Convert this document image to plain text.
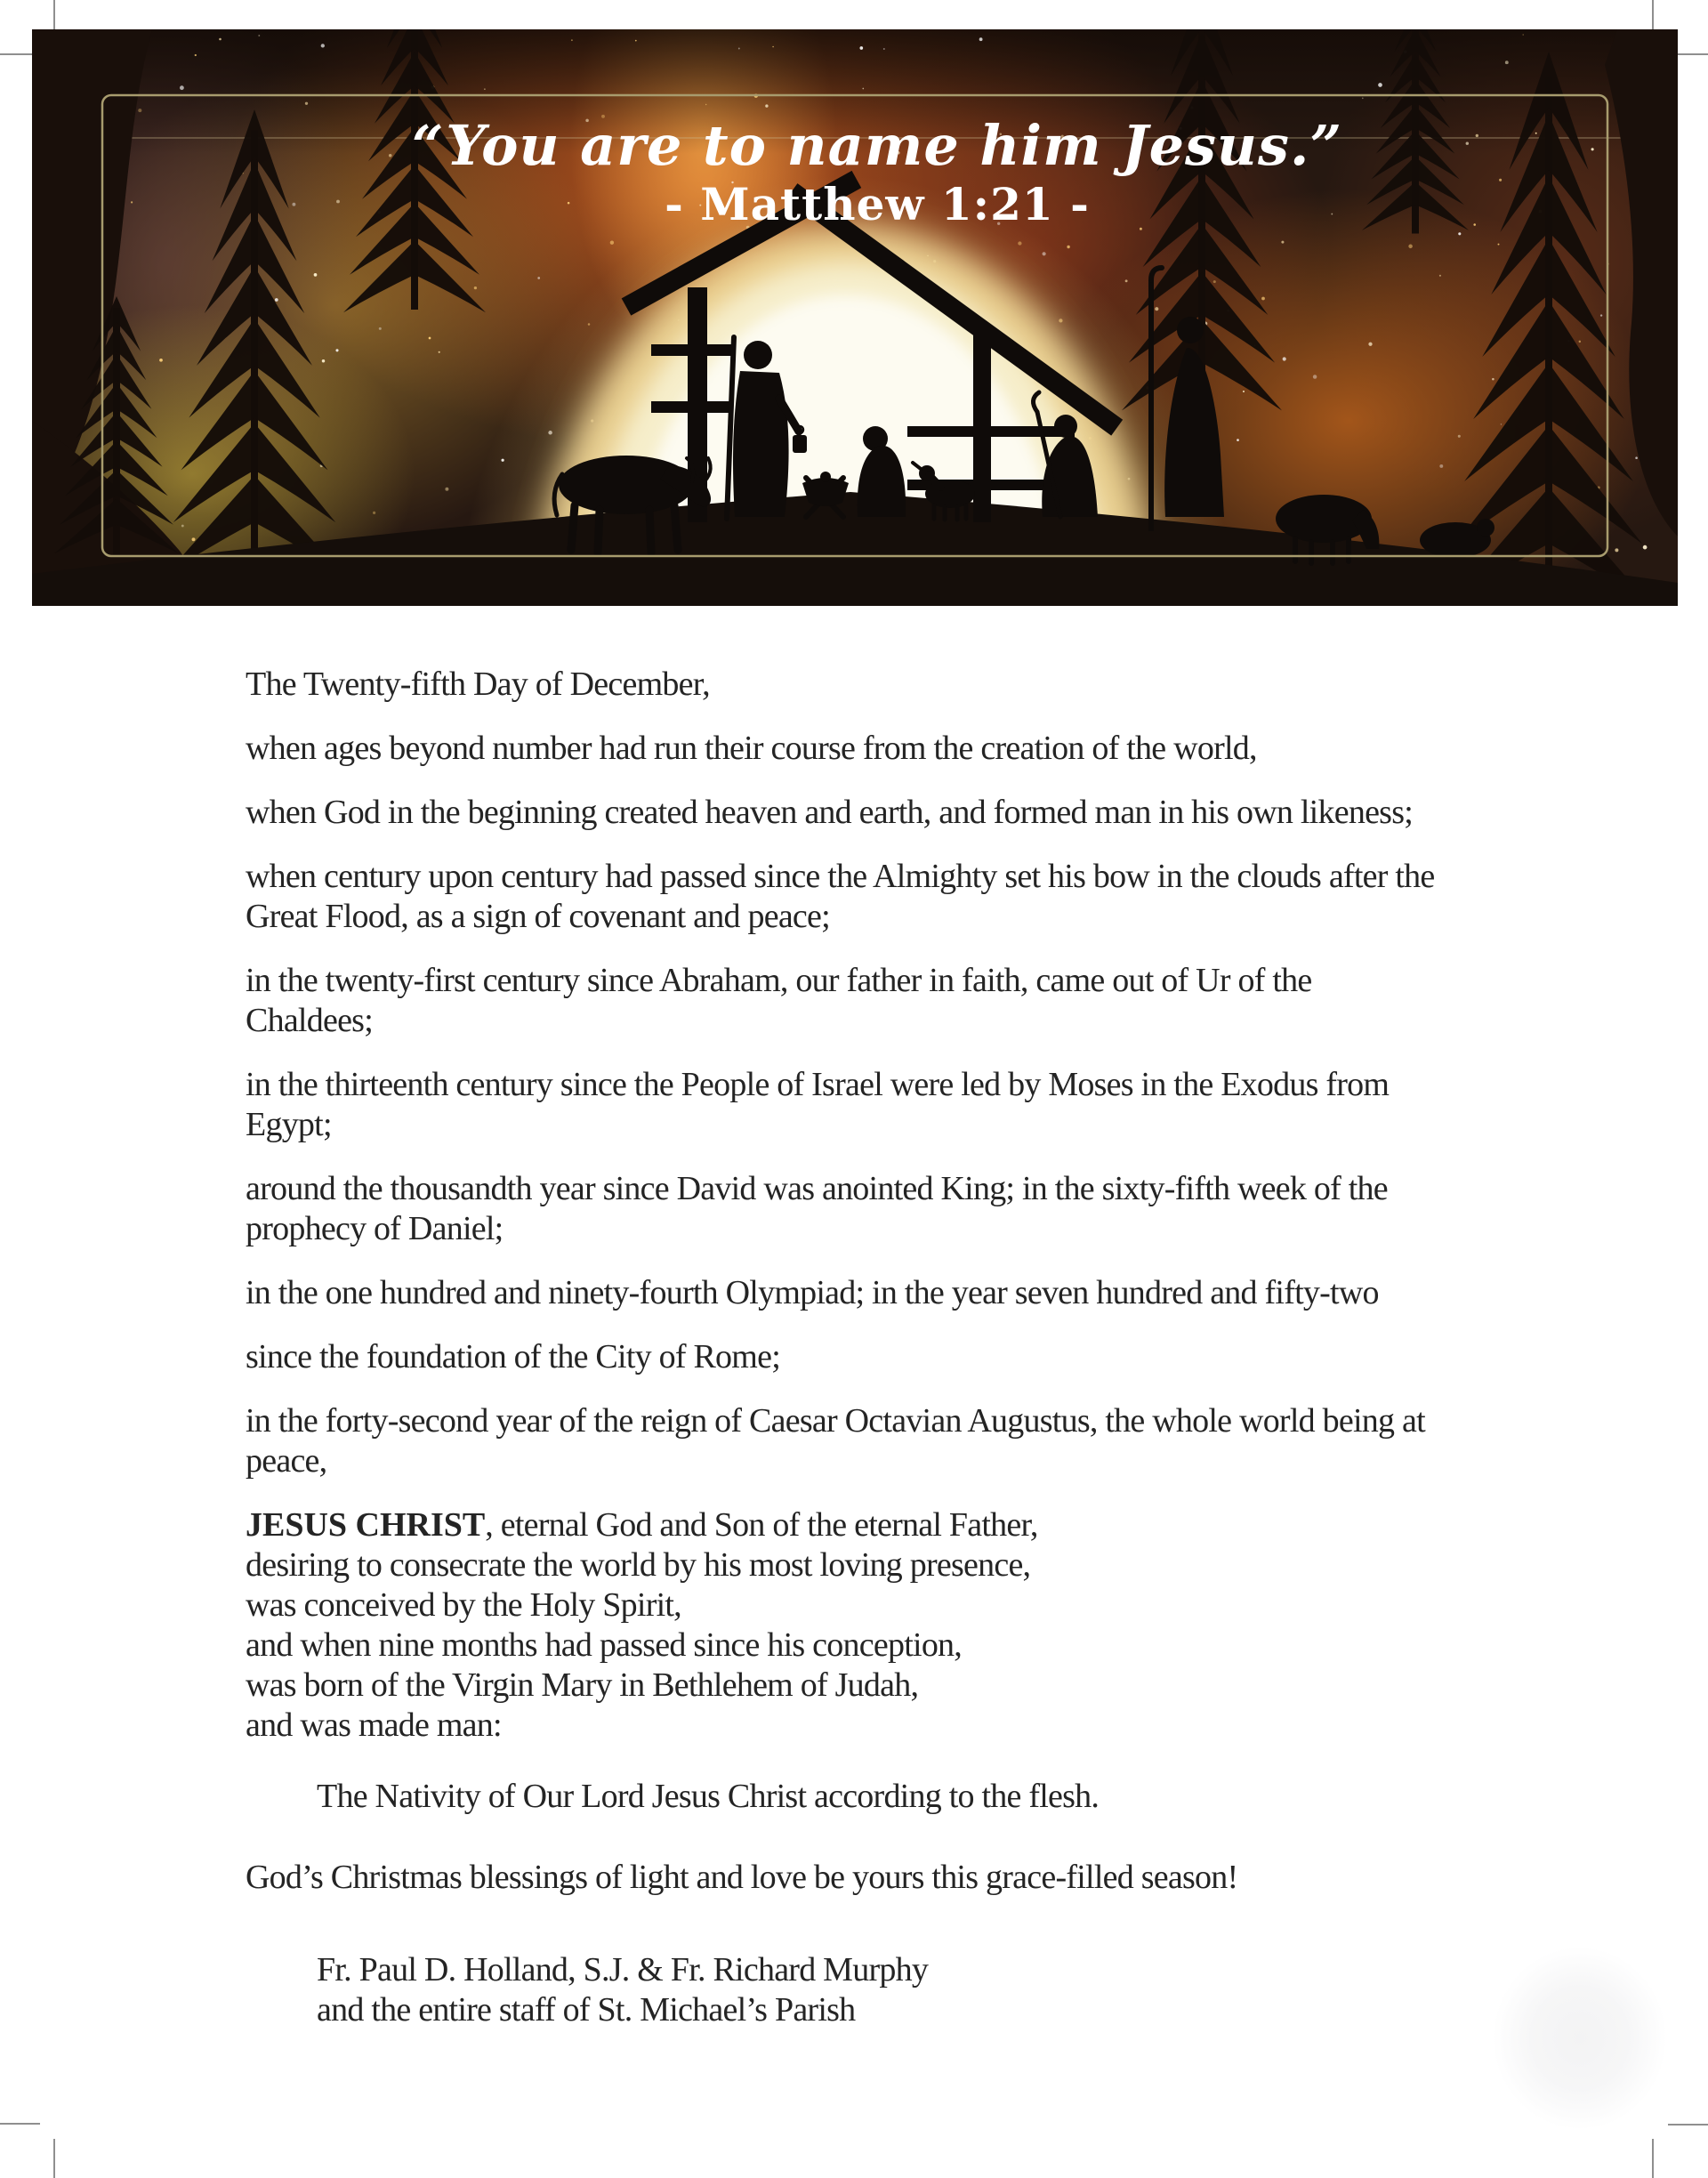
“You are to name him Jesus.”
- Matthew 1:21 -

The Twenty-fifth Day of December,

when ages beyond number had run their course from the creation of the world,

when God in the beginning created heaven and earth, and formed man in his own likeness;

when century upon century had passed since the Almighty set his bow in the clouds after the
Great Flood, as a sign of covenant and peace;

in the twenty-first century since Abraham, our father in faith, came out of Ur of the
Chaldees;

in the thirteenth century since the People of Israel were led by Moses in the Exodus from
Egypt;

around the thousandth year since David was anointed King; in the sixty-fifth week of the
prophecy of Daniel;

in the one hundred and ninety-fourth Olympiad; in the year seven hundred and fifty-two

since the foundation of the City of Rome;

in the forty-second year of the reign of Caesar Octavian Augustus, the whole world being at
peace,

JESUS CHRIST, eternal God and Son of the eternal Father,
desiring to consecrate the world by his most loving presence,
was conceived by the Holy Spirit,
and when nine months had passed since his conception,
was born of the Virgin Mary in Bethlehem of Judah,
and was made man:

The Nativity of Our Lord Jesus Christ according to the flesh.

God’s Christmas blessings of light and love be yours this grace-filled season!

Fr. Paul D. Holland, S.J. & Fr. Richard Murphy
and the entire staff of St. Michael’s Parish
